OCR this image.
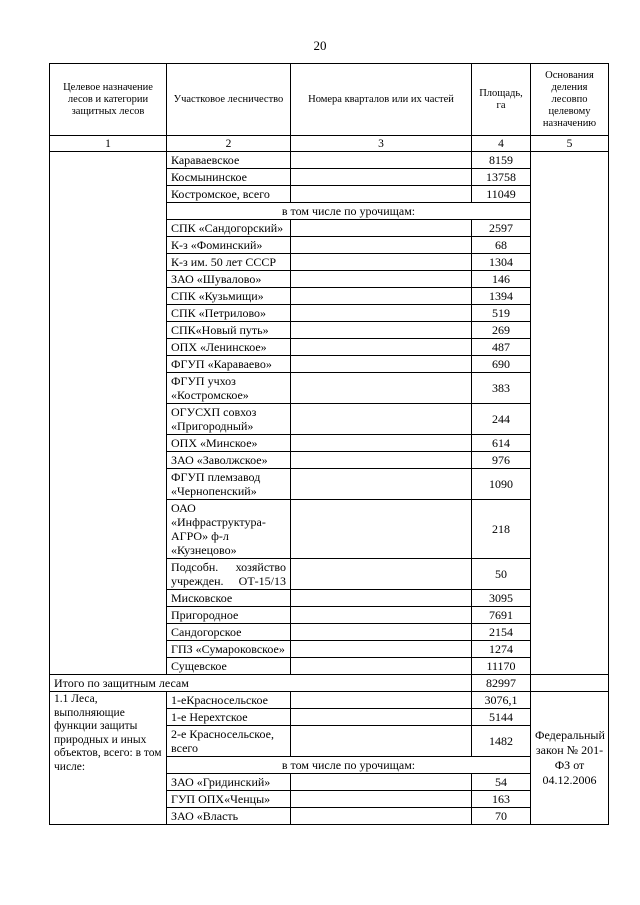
20
Целевое назначение лесов и категории защитных лесов	Участковое лесничество	Номера кварталов или их частей	Площадь, га	Основания деления лесовпо целевому назначению
1	2	3	4	5
	Караваевское		8159	
	Космынинское		13758	
	Костромское, всего		11049	
	в том числе по урочищам:			
	СПК «Сандогорский»		2597	
	К-з «Фоминский»		68	
	К-з им. 50 лет СССР		1304	
	ЗАО «Шувалово»		146	
	СПК «Кузьмищи»		1394	
	СПК «Петрилово»		519	
	СПК«Новый путь»		269	
	ОПХ «Ленинское»		487	
	ФГУП «Караваево»		690	
	ФГУП учхоз «Костромское»		383	
	ОГУСХП совхоз «Пригородный»		244	
	ОПХ «Минское»		614	
	ЗАО «Заволжское»		976	
	ФГУП племзавод «Чернопенский»		1090	
	ОАО «Инфраструктура-АГРО» ф-л «Кузнецово»		218	
	Подсобн. хозяйство учрежден. ОТ-15/13		50	
	Мисковское		3095	
	Пригородное		7691	
	Сандогорское		2154	
	ГПЗ «Сумароковское»		1274	
	Сущевское		11170	
Итого по защитным лесам			82997	
1.1 Леса, выполняющие функции защиты природных и иных объектов, всего: в том числе:	1-еКрасносельское		3076,1	Федеральный закон № 201-ФЗ от 04.12.2006
	1-е Нерехтское		5144	
	2-е Красносельское, всего		1482	
	в том числе по урочищам:			
	ЗАО «Гридинский»		54	
	ГУП ОПХ«Ченцы»		163	
	ЗАО «Власть		70	
